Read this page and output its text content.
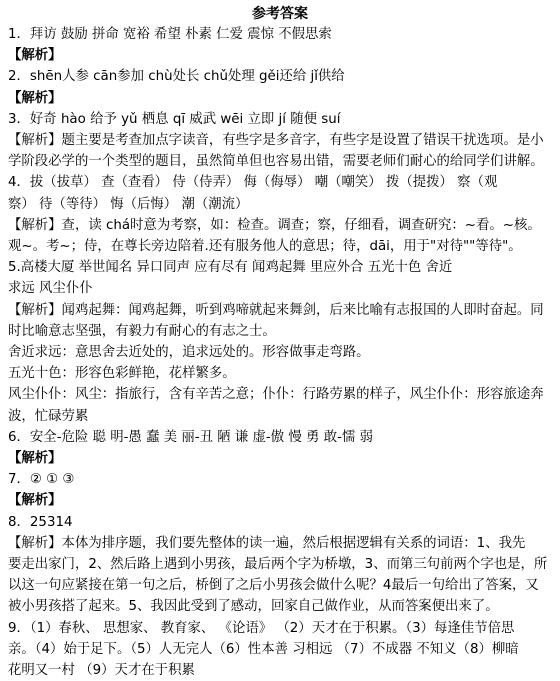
参考答案
1．拜访 鼓励 拼命 宽裕 希望 朴素 仁爱 震惊 不假思索
【解析】
2．shēn人参 cān参加 chù处长 chǔ处理 gěi还给 jǐ供给
【解析】
3．好奇 hào 给予 yǔ 栖息 qī 威武 wēi 立即 jí 随便 suí
【解析】题主要是考查加点字读音，有些字是多音字，有些字是设置了错误干扰选项。是小
学阶段必学的一个类型的题目，虽然简单但也容易出错，需要老师们耐心的给同学们讲解。
4．拔（拔草） 查（查看） 侍（侍弄） 侮（侮辱） 嘲（嘲笑） 拨（提拨） 察（观
察） 待（等待） 悔（后悔） 潮（潮流）
【解析】查，读 chá时意为考察，如：检查。调查；察，仔细看，调查研究：~看。~核。
观~。考~；侍，在尊长旁边陪着.还有服务他人的意思；待，dāi，用于"对待""等待"。
5.高楼大厦 举世闻名 异口同声 应有尽有 闻鸡起舞 里应外合 五光十色 舍近
求远 风尘仆仆
【解析】闻鸡起舞：闻鸡起舞，听到鸡啼就起来舞剑，后来比喻有志报国的人即时奋起。同
时比喻意志坚强，有毅力有耐心的有志之士。
舍近求远：意思舍去近处的，追求远处的。形容做事走弯路。
五光十色：形容色彩鲜艳，花样繁多。
风尘仆仆：风尘：指旅行，含有辛苦之意；仆仆：行路劳累的样子，风尘仆仆：形容旅途奔
波，忙碌劳累
6．安全-危险 聪 明-愚 蠢 美 丽-丑 陋 谦 虚-傲 慢 勇 敢-懦 弱
【解析】
7．② ① ③
【解析】
8．25314
【解析】本体为排序题，我们要先整体的读一遍，然后根据逻辑有关系的词语：1、我先
要走出家门，2、然后路上遇到小男孩，最后两个字为桥墩，3、而第三句前两个字也是，所
以这一句应紧接在第一句之后，桥倒了之后小男孩会做什么呢？4最后一句给出了答案，又
被小男孩搭了起来。5、我因此受到了感动，回家自己做作业，从而答案便出来了。
9．（1）春秋、 思想家、 教育家、 《论语》 （2）天才在于积累。（3）每逢佳节倍思
亲。（4）始于足下。（5）人无完人（6）性本善 习相远 （7）不成器 不知义（8）柳暗
花明又一村 （9）天才在于积累
